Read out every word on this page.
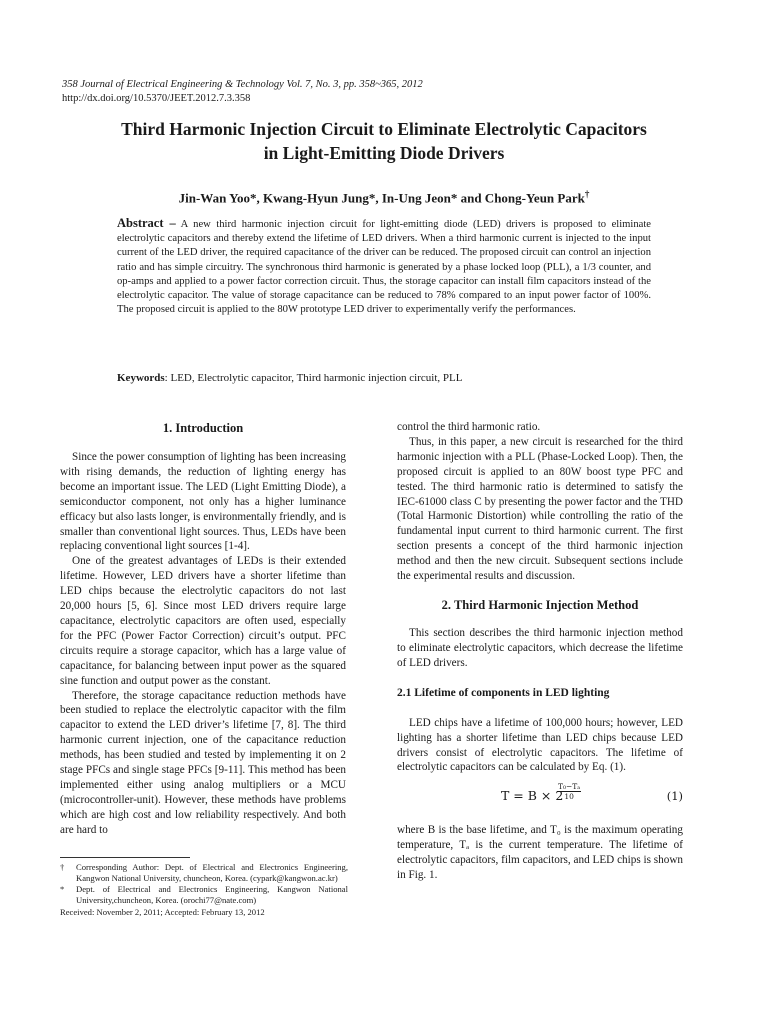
358 Journal of Electrical Engineering & Technology Vol. 7, No. 3, pp. 358~365, 2012
http://dx.doi.org/10.5370/JEET.2012.7.3.358
Third Harmonic Injection Circuit to Eliminate Electrolytic Capacitors
in Light-Emitting Diode Drivers
Jin-Wan Yoo*, Kwang-Hyun Jung*, In-Ung Jeon* and Chong-Yeun Park†

Abstract – A new third harmonic injection circuit for light-emitting diode (LED) drivers is proposed to eliminate electrolytic capacitors and thereby extend the lifetime of LED drivers. When a third harmonic current is injected to the input current of the LED driver, the required capacitance of the driver can be reduced. The proposed circuit can control an injection ratio and has simple circuitry. The synchronous third harmonic is generated by a phase locked loop (PLL), a 1/3 counter, and op-amps and applied to a power factor correction circuit. Thus, the storage capacitor can install film capacitors instead of the electrolytic capacitor. The value of storage capacitance can be reduced to 78% compared to an input power factor of 100%. The proposed circuit is applied to the 80W prototype LED driver to experimentally verify the performances.

Keywords: LED, Electrolytic capacitor, Third harmonic injection circuit, PLL
1. Introduction

Since the power consumption of lighting has been increasing with rising demands, the reduction of lighting energy has become an important issue. The LED (Light Emitting Diode), a semiconductor component, not only has a higher luminance efficacy but also lasts longer, is environmentally friendly, and is smaller than conventional light sources. Thus, LEDs have been replacing conventional light sources [1-4].

One of the greatest advantages of LEDs is their extended lifetime. However, LED drivers have a shorter lifetime than LED chips because the electrolytic capacitors do not last 20,000 hours [5, 6]. Since most LED drivers require large capacitance, electrolytic capacitors are often used, especially for the PFC (Power Factor Correction) circuit’s output. PFC circuits require a storage capacitor, which has a large value of capacitance, for balancing between input power as the squared sine function and output power as the constant.

Therefore, the storage capacitance reduction methods have been studied to replace the electrolytic capacitor with the film capacitor to extend the LED driver’s lifetime [7, 8]. The third harmonic current injection, one of the capacitance reduction methods, has been studied and tested by implementing it on 2 stage PFCs and single stage PFCs [9-11]. This method has been implemented either using analog multipliers or a MCU (microcontroller-unit). However, these methods have problems which are high cost and low reliability respectively. And both are hard to

† Corresponding Author: Dept. of Electrical and Electronics Engineering, Kangwon National University, chuncheon, Korea. (cypark@kangwon.ac.kr)
* Dept. of Electrical and Electronics Engineering, Kangwon National University,chuncheon, Korea. (orochi77@nate.com)
Received: November 2, 2011; Accepted: February 13, 2012

control the third harmonic ratio.

Thus, in this paper, a new circuit is researched for the third harmonic injection with a PLL (Phase-Locked Loop). Then, the proposed circuit is applied to an 80W boost type PFC and tested. The third harmonic ratio is determined to satisfy the IEC-61000 class C by presenting the power factor and the THD (Total Harmonic Distortion) while controlling the ratio of the fundamental input current to third harmonic current. The first section presents a concept of the third harmonic injection method and then the new circuit. Subsequent sections include the experimental results and discussion.

2. Third Harmonic Injection Method

This section describes the third harmonic injection method to eliminate electrolytic capacitors, which decrease the lifetime of LED drivers.

2.1 Lifetime of components in LED lighting

LED chips have a lifetime of 100,000 hours; however, LED lighting has a shorter lifetime than LED chips because LED drivers consist of electrolytic capacitors. The lifetime of electrolytic capacitors can be calculated by Eq. (1).

T = B × 2
$\frac{\text{T₀−Tₐ}}{10}$	(1)

where B is the base lifetime, and T₀ is the maximum operating temperature, Tₐ is the current temperature. The lifetime of electrolytic capacitors, film capacitors, and LED chips is shown in Fig. 1.
